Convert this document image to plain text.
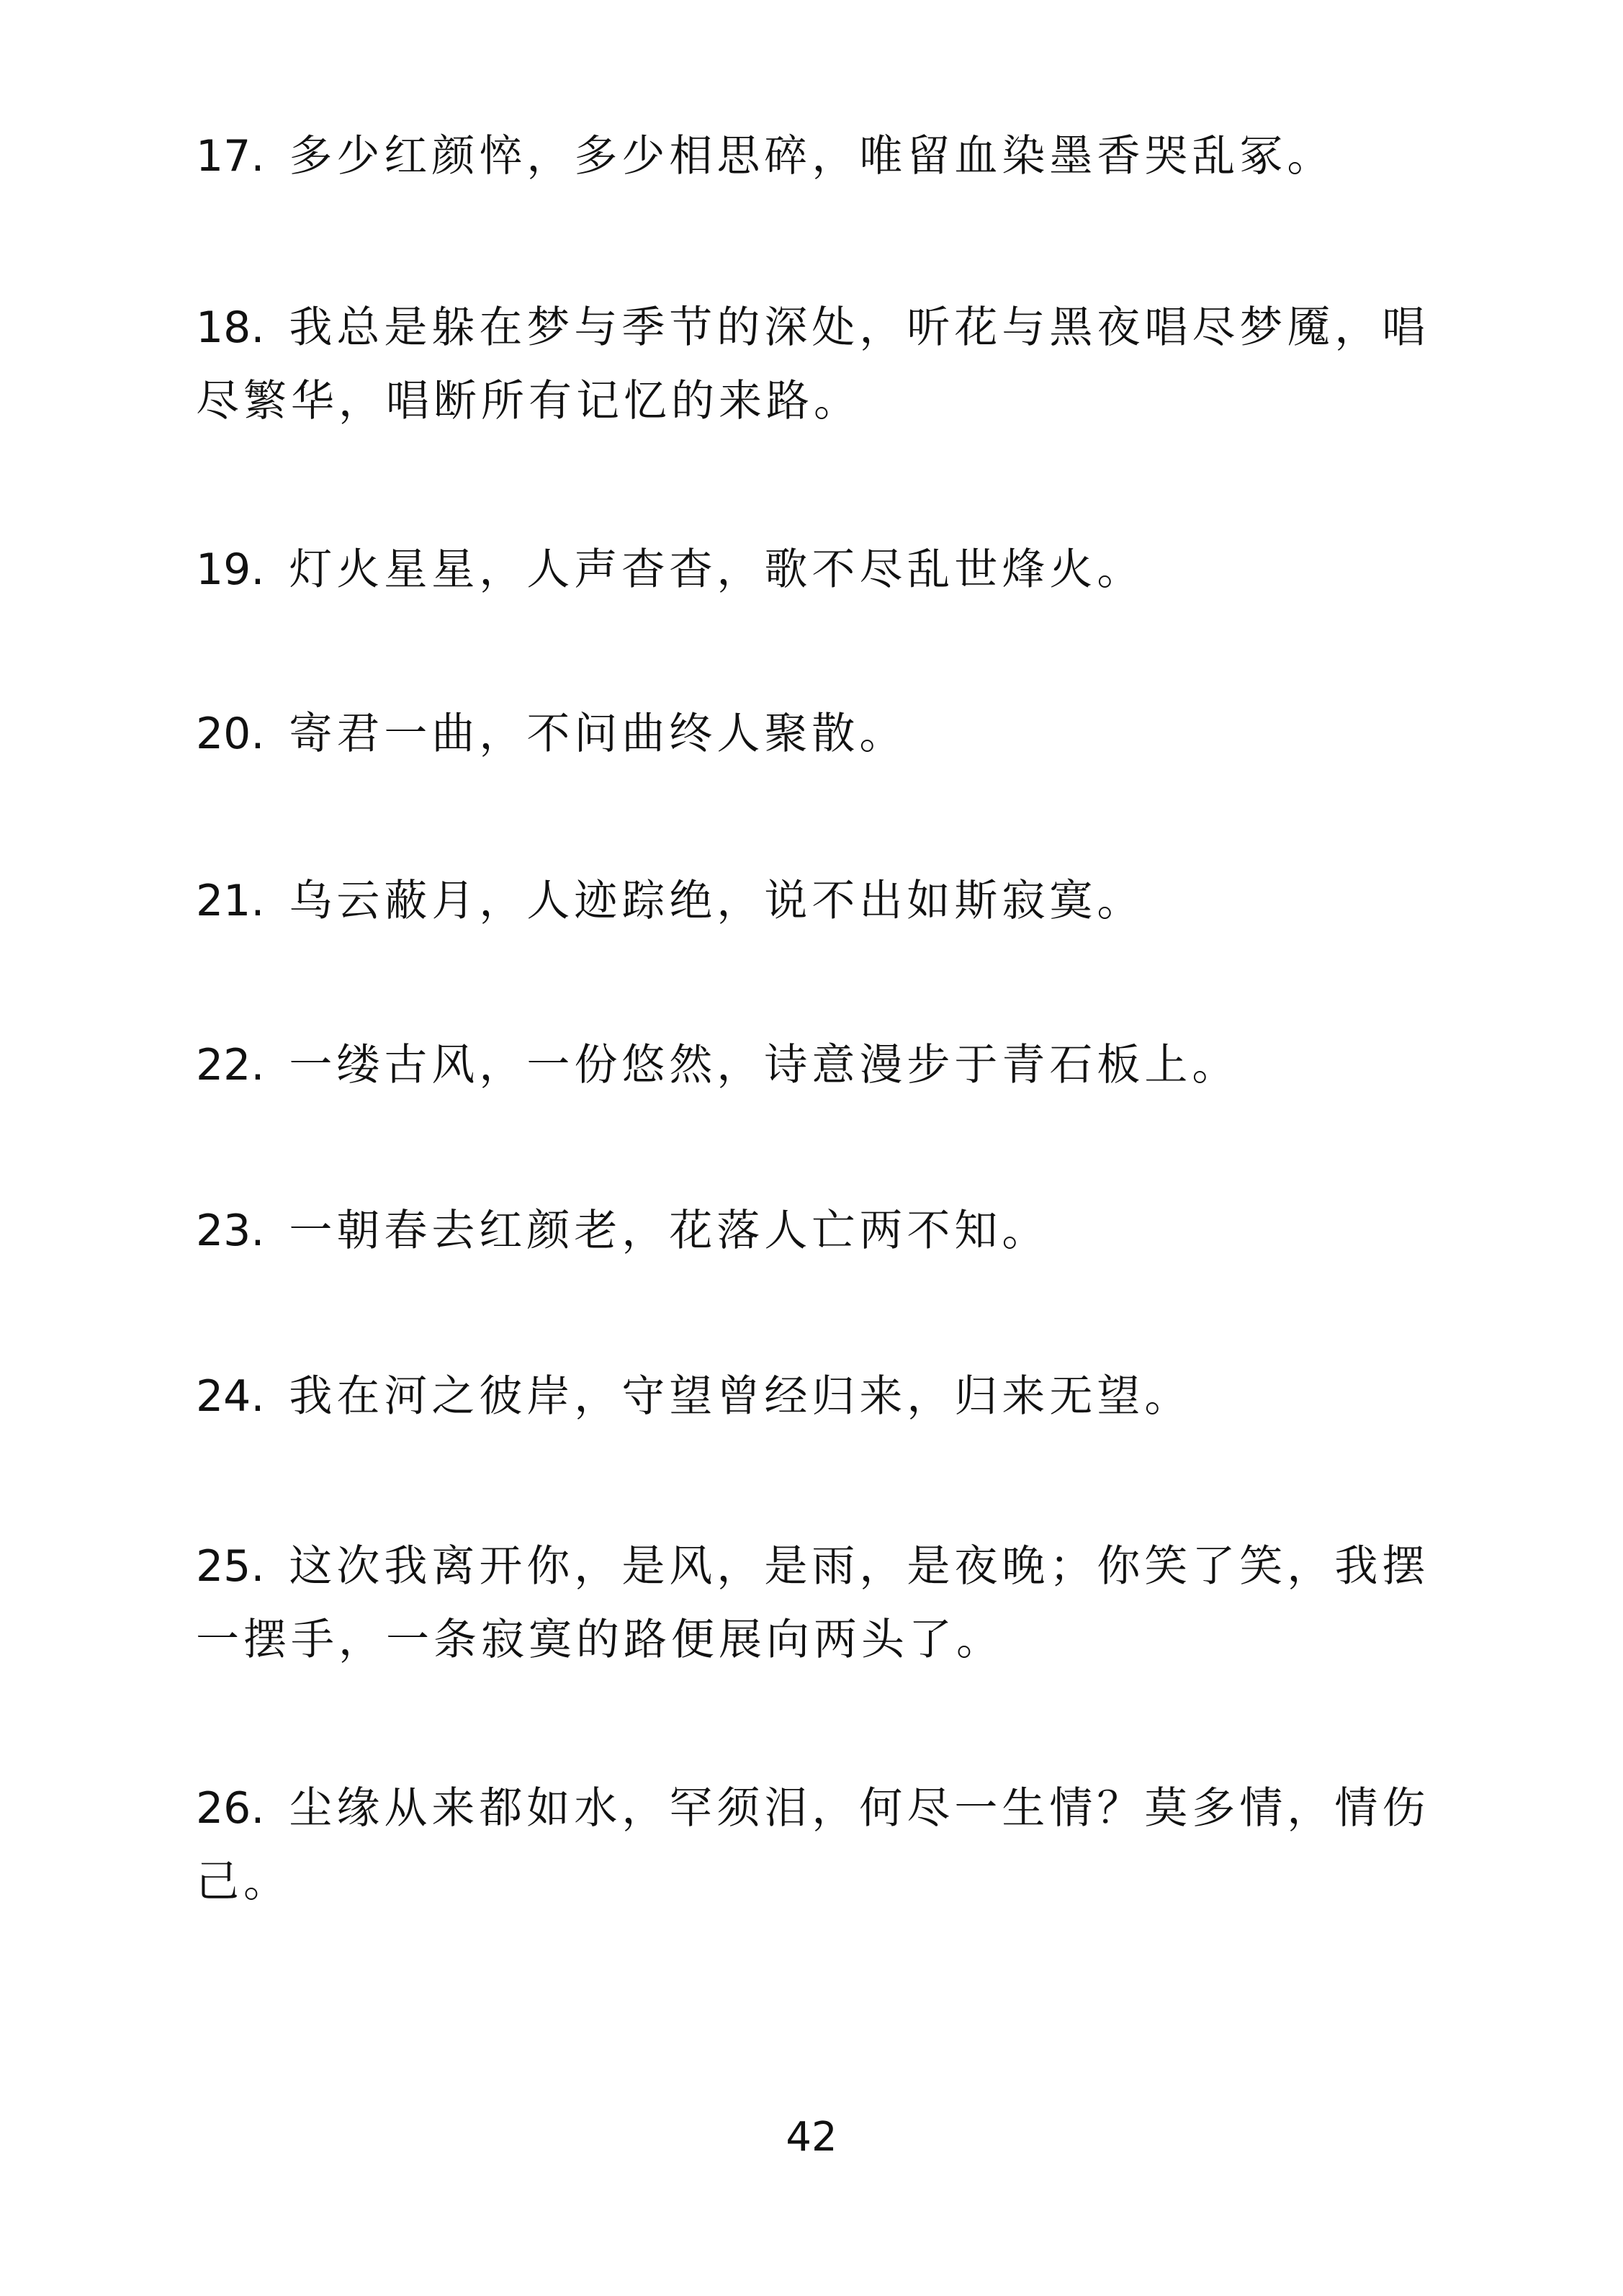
17. 多少红颜悴，多少相思碎，唯留血染墨香哭乱冢。

18. 我总是躲在梦与季节的深处，听花与黑夜唱尽梦魇，唱尽繁华，唱断所有记忆的来路。

19. 灯火星星，人声杳杳，歌不尽乱世烽火。

20. 寄君一曲，不问曲终人聚散。

21. 乌云蔽月，人迹踪绝，说不出如斯寂寞。

22. 一缕古风，一份悠然，诗意漫步于青石板上。

23. 一朝春去红颜老，花落人亡两不知。

24. 我在河之彼岸，守望曾经归来，归来无望。

25. 这次我离开你，是风，是雨，是夜晚；你笑了笑，我摆一摆手，一条寂寞的路便展向两头了。

26. 尘缘从来都如水，罕须泪，何尽一生情？莫多情，情伤己。

42
